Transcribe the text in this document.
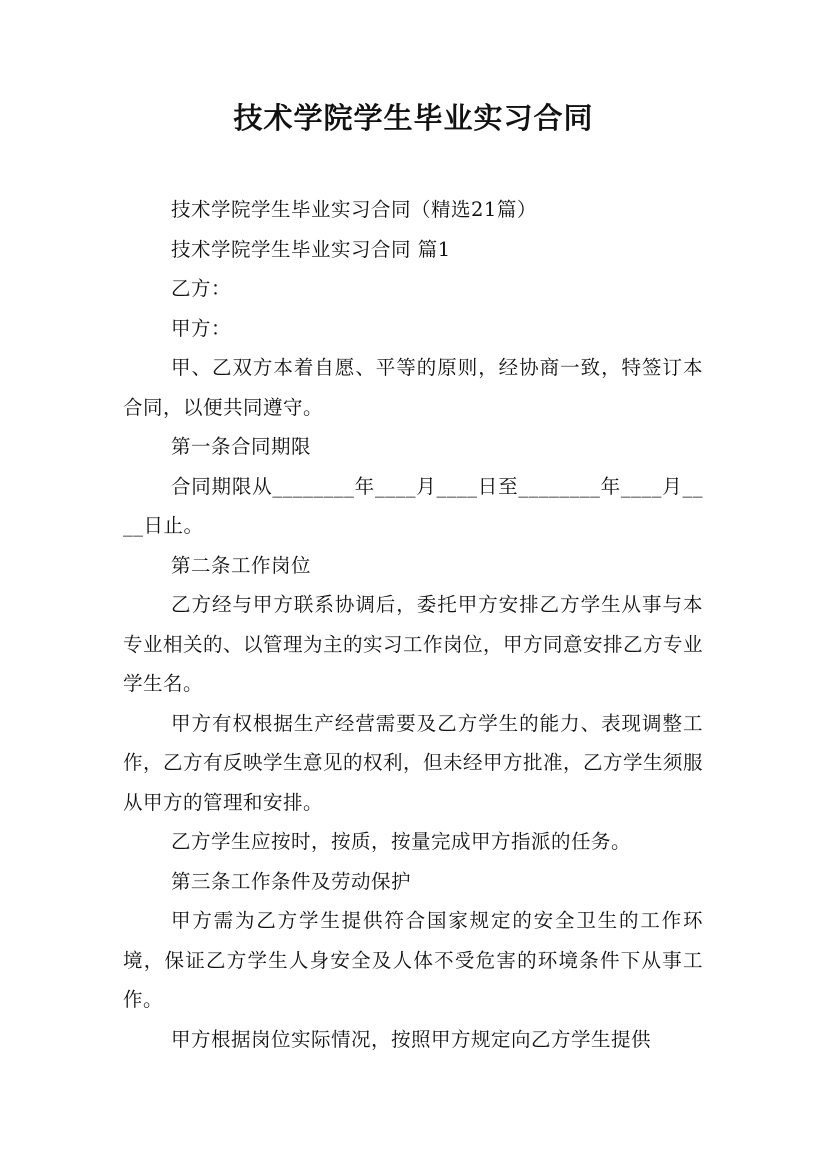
技术学院学生毕业实习合同

技术学院学生毕业实习合同（精选21篇）

技术学院学生毕业实习合同 篇1

乙方：

甲方：

甲、乙双方本着自愿、平等的原则，经协商一致，特签订本合同，以便共同遵守。

第一条合同期限

合同期限从________年____月____日至________年____月____日止。

第二条工作岗位

乙方经与甲方联系协调后，委托甲方安排乙方学生从事与本专业相关的、以管理为主的实习工作岗位，甲方同意安排乙方专业学生名。

甲方有权根据生产经营需要及乙方学生的能力、表现调整工作，乙方有反映学生意见的权利，但未经甲方批准，乙方学生须服从甲方的管理和安排。

乙方学生应按时，按质，按量完成甲方指派的任务。

第三条工作条件及劳动保护

甲方需为乙方学生提供符合国家规定的安全卫生的工作环境，保证乙方学生人身安全及人体不受危害的环境条件下从事工作。

甲方根据岗位实际情况，按照甲方规定向乙方学生提供
